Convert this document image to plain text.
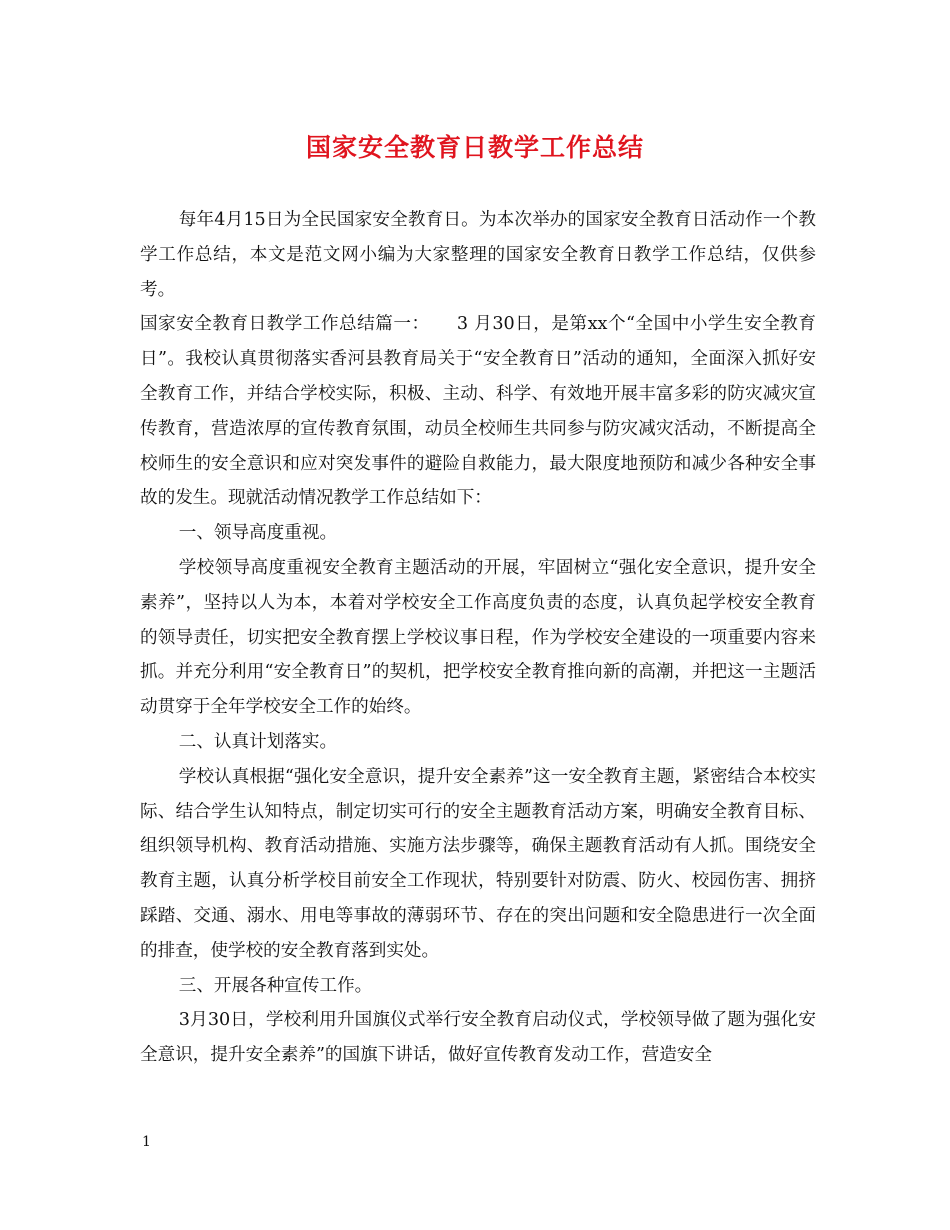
国家安全教育日教学工作总结

每年4月15日为全民国家安全教育日。为本次举办的国家安全教育日活动作一个教学工作总结，本文是范文网小编为大家整理的国家安全教育日教学工作总结，仅供参考。

国家安全教育日教学工作总结篇一：　　3 月30日，是第xx个“全国中小学生安全教育日”。我校认真贯彻落实香河县教育局关于“安全教育日”活动的通知，全面深入抓好安全教育工作，并结合学校实际，积极、主动、科学、有效地开展丰富多彩的防灾减灾宣传教育，营造浓厚的宣传教育氛围，动员全校师生共同参与防灾减灾活动，不断提高全校师生的安全意识和应对突发事件的避险自救能力，最大限度地预防和减少各种安全事故的发生。现就活动情况教学工作总结如下：

一、领导高度重视。

学校领导高度重视安全教育主题活动的开展，牢固树立“强化安全意识，提升安全素养”，坚持以人为本，本着对学校安全工作高度负责的态度，认真负起学校安全教育的领导责任，切实把安全教育摆上学校议事日程，作为学校安全建设的一项重要内容来抓。并充分利用“安全教育日”的契机，把学校安全教育推向新的高潮，并把这一主题活动贯穿于全年学校安全工作的始终。

二、认真计划落实。

学校认真根据“强化安全意识，提升安全素养”这一安全教育主题，紧密结合本校实际、结合学生认知特点，制定切实可行的安全主题教育活动方案，明确安全教育目标、组织领导机构、教育活动措施、实施方法步骤等，确保主题教育活动有人抓。围绕安全教育主题，认真分析学校目前安全工作现状，特别要针对防震、防火、校园伤害、拥挤踩踏、交通、溺水、用电等事故的薄弱环节、存在的突出问题和安全隐患进行一次全面的排查，使学校的安全教育落到实处。

三、开展各种宣传工作。

3月30日，学校利用升国旗仪式举行安全教育启动仪式，学校领导做了题为强化安全意识，提升安全素养”的国旗下讲话，做好宣传教育发动工作，营造安全

1
